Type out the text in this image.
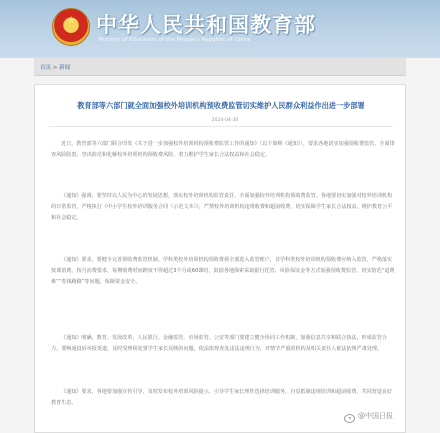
★ 中华人民共和国教育部
Ministry of Education of the People's Republic of China
首页 > 新闻
教育部等六部门就全面加强校外培训机构预收费监管切实维护人民群众利益作出进一步部署
2024-04-30

近日，教育部等六部门联合印发《关于进一步加强校外培训机构预收费监管工作的通知》（以下简称《通知》），要求各地切实加强预收费监管，全面排查风险隐患，坚决防范和化解校外培训机构预收费风险，着力维护学生家长合法权益和社会稳定。

《通知》强调，要坚持以人民为中心的发展思想，落实校外培训机构监管责任，全面加强校外培训机构预收费监管。各地要切实加强对校外培训机构的日常监管，严格执行《中小学生校外培训服务合同（示范文本）》，严禁校外培训机构违规收费和超前收费，切实保障学生家长合法权益，维护教育公平和社会稳定。

《通知》要求，要健全完善预收费监管机制。学科类校外培训机构预收费须全部进入监管账户，非学科类校外培训机构预收费应纳入监管，严格落实按课消费、按月消费要求，每期收费时间跨度不得超过3个月或60课时，鼓励各地探索采取银行托管、风险保证金等方式加强预收费监管，切实防范“退费难”“卷钱跑路”等问题，保障资金安全。

《通知》明确，教育、发展改革、人民银行、金融监管、市场监管、公安等部门要建立健全协同工作机制，加强信息共享和联合执法，形成监管合力。要畅通投诉举报渠道，及时受理和处置学生家长反映的问题，依法依规查处违法违规行为，对情节严重的机构及相关责任人依法依规严肃处理。

《通知》要求，各地要加强宣传引导，及时发布校外培训风险提示，引导学生家长理性选择培训服务，自觉抵制违规培训和超前收费，共同营造良好教育生态。

@中国日报
